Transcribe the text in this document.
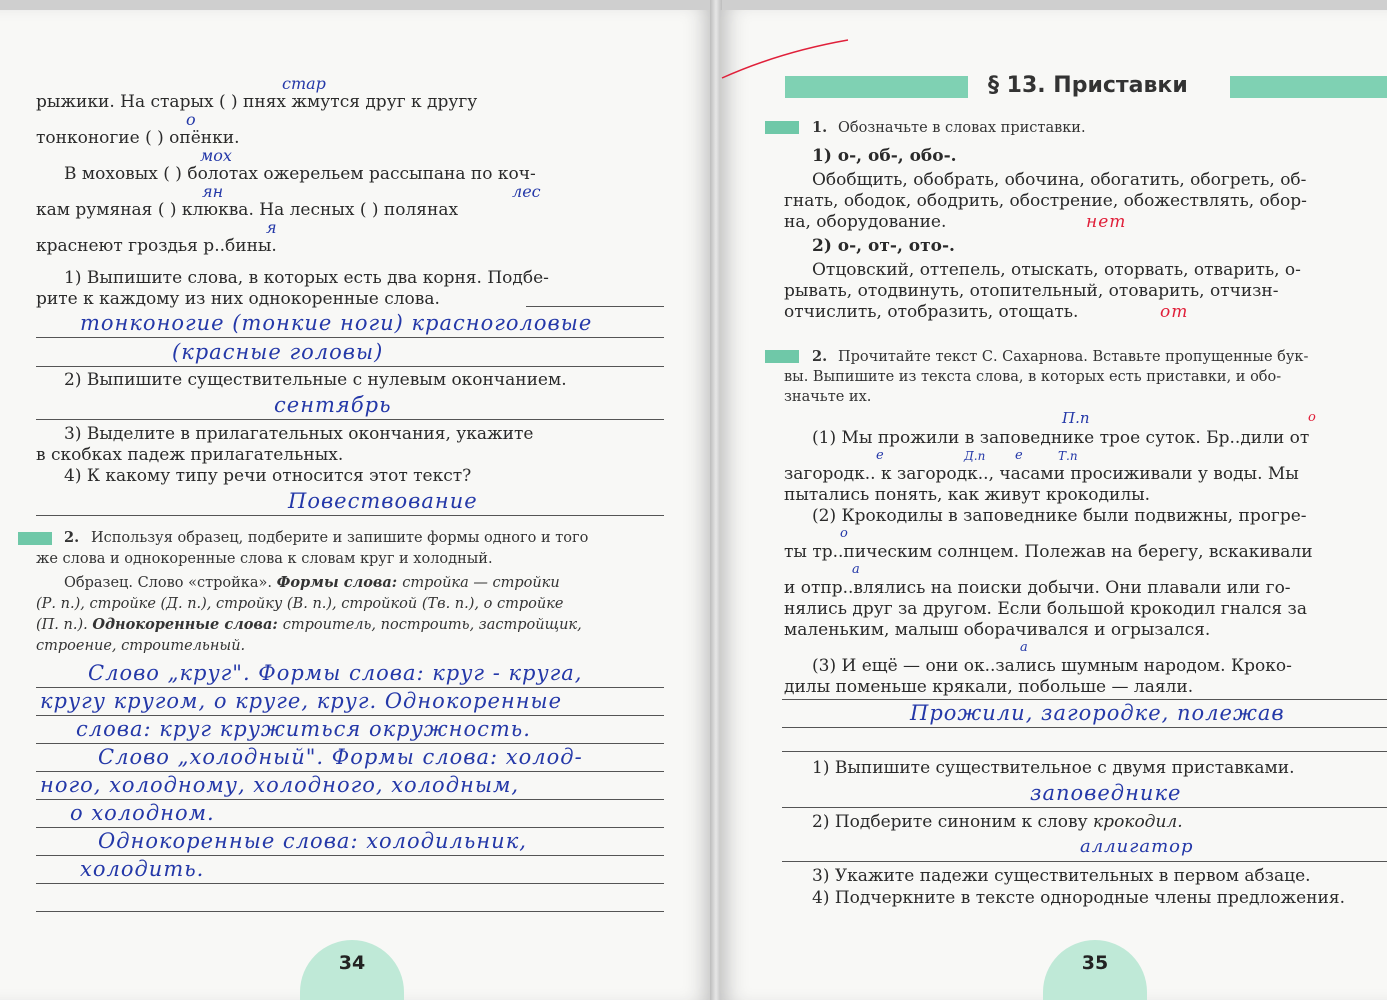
стар
рыжики. На старых ( ) пнях жмутся друг к другу
о
тонконогие ( ) опёнки.
мох
В моховых ( ) болотах ожерельем рассыпана по коч-
ян	лес
кам румяная ( ) клюква. На лесных ( ) полянах
я
краснеют гроздья р..бины.
1) Выпишите слова, в которых есть два корня. Подбе-
рите к каждому из них однокоренные слова.
тонконогие (тонкие ноги) красноголовые
(красные головы)
2) Выпишите существительные с нулевым окончанием.
сентябрь
3) Выделите в прилагательных окончания, укажите
в скобках падеж прилагательных.
4) К какому типу речи относится этот текст?
Повествование
2. Используя образец, подберите и запишите формы одного и того
же слова и однокоренные слова к словам круг и холодный.
Образец. Слово «стройка». Формы слова: стройка — стройки
(Р. п.), стройке (Д. п.), стройку (В. п.), стройкой (Тв. п.), о стройке
(П. п.). Однокоренные слова: строитель, построить, застройщик,
строение, строительный.
Слово „круг". Формы слова: круг - круга,
кругу кругом, о круге, круг. Однокоренные
слова: круг кружиться окружность.
Слово „холодный". Формы слова: холод-
ного, холодному, холодного, холодным,
о холодном.
Однокоренные слова: холодильник,
холодить.
34
§ 13. Приставки
1. Обозначьте в словах приставки.
1) о-, об-, обо-.
Обобщить, обобрать, обочина, обогатить, обогреть, об-
гнать, ободок, ободрить, обострение, обожествлять, обор-
на, оборудование.	нет
2) о-, от-, ото-.
Отцовский, оттепель, отыскать, оторвать, отварить, о-
рывать, отодвинуть, отопительный, отоварить, отчизн-
отчислить, отобразить, отощать.	от
2. Прочитайте текст С. Сахарнова. Вставьте пропущенные бук-
вы. Выпишите из текста слова, в которых есть приставки, и обо-
значьте их.
П.п	о
(1) Мы прожили в заповеднике трое суток. Бр..дили от
е	Д.п е	Т.п
загородк.. к загородк.., часами просиживали у воды. Мы
пытались понять, как живут крокодилы.
(2) Крокодилы в заповеднике были подвижны, прогре-
о
ты тр..пическим солнцем. Полежав на берегу, вскакивали
а
и отпр..влялись на поиски добычи. Они плавали или го-
нялись друг за другом. Если большой крокодил гнался за
маленьким, малыш оборачивался и огрызался.
а
(3) И ещё — они ок..зались шумным народом. Кроко-
дилы поменьше крякали, побольше — лаяли.
Прожили, загородке, полежав
1) Выпишите существительное с двумя приставками.
заповеднике
2) Подберите синоним к слову крокодил.
аллигатор
3) Укажите падежи существительных в первом абзаце.
4) Подчеркните в тексте однородные члены предложения.
35
